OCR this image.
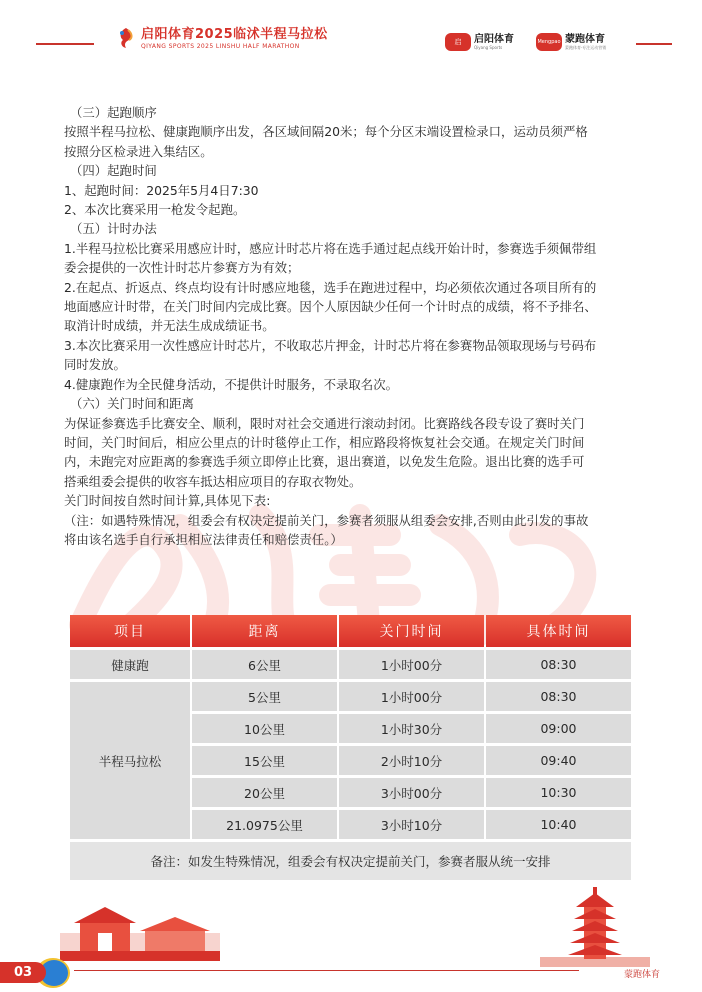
启阳体育2025临沭半程马拉松
QIYANG SPORTS 2025 LINSHU HALF MARATHON
启	启阳体育
Qiyang Sports
Mengpao 蒙跑体育
蒙跑体育·专注运动营销

（三）起跑顺序

按照半程马拉松、健康跑顺序出发，各区域间隔20米；每个分区末端设置检录口，运动员须严格

按照分区检录进入集结区。

（四）起跑时间

1、起跑时间：2025年5月4日7:30

2、本次比赛采用一枪发令起跑。

（五）计时办法

1.半程马拉松比赛采用感应计时，感应计时芯片将在选手通过起点线开始计时，参赛选手须佩带组

委会提供的一次性计时芯片参赛方为有效；

2.在起点、折返点、终点均设有计时感应地毯，选手在跑进过程中，均必须依次通过各项目所有的

地面感应计时带，在关门时间内完成比赛。因个人原因缺少任何一个计时点的成绩，将不予排名、

取消计时成绩，并无法生成成绩证书。

3.本次比赛采用一次性感应计时芯片，不收取芯片押金，计时芯片将在参赛物品领取现场与号码布

同时发放。

4.健康跑作为全民健身活动，不提供计时服务，不录取名次。

（六）关门时间和距离

为保证参赛选手比赛安全、顺利，限时对社会交通进行滚动封闭。比赛路线各段专设了赛时关门

时间，关门时间后，相应公里点的计时毯停止工作，相应路段将恢复社会交通。在规定关门时间

内，未跑完对应距离的参赛选手须立即停止比赛，退出赛道，以免发生危险。退出比赛的选手可

搭乘组委会提供的收容车抵达相应项目的存取衣物处。

关门时间按自然时间计算,具体见下表:

（注：如遇特殊情况，组委会有权决定提前关门，参赛者须服从组委会安排,否则由此引发的事故

将由该名选手自行承担相应法律责任和赔偿责任。）

项目	距离	关门时间	具体时间
健康跑	6公里	1小时00分	08:30
半程马拉松	5公里	1小时00分	08:30
	10公里	1小时30分	09:00
	15公里	2小时10分	09:40
	20公里	3小时00分	10:30
	21.0975公里	3小时10分	10:40
备注：如发生特殊情况，组委会有权决定提前关门，参赛者服从统一安排			
03	蒙跑体育
